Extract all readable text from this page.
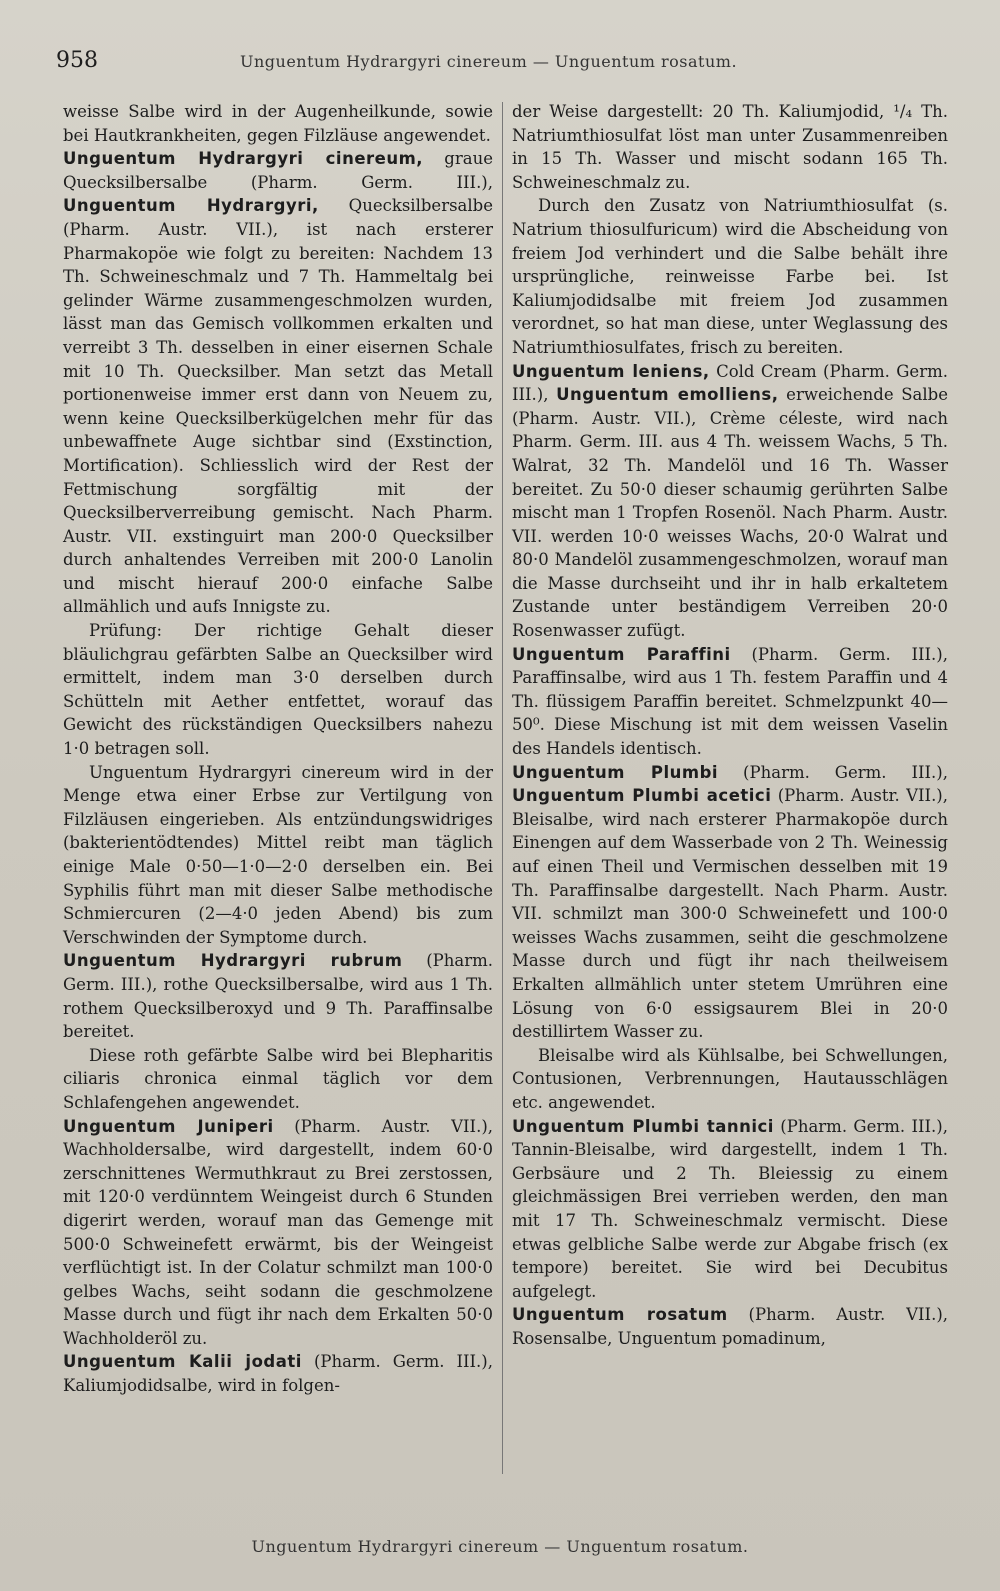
958	Unguentum Hydrargyri cinereum — Unguentum rosatum.

weisse Salbe wird in der Augenheilkunde, sowie bei Hautkrankheiten, gegen Filzläuse angewendet.

Unguentum Hydrargyri cinereum, graue Quecksilbersalbe (Pharm. Germ. III.), Unguentum Hydrargyri, Quecksilbersalbe (Pharm. Austr. VII.), ist nach ersterer Pharmakopöe wie folgt zu bereiten: Nachdem 13 Th. Schweineschmalz und 7 Th. Hammeltalg bei gelinder Wärme zusammengeschmolzen wurden, lässt man das Gemisch vollkommen erkalten und verreibt 3 Th. desselben in einer eisernen Schale mit 10 Th. Quecksilber. Man setzt das Metall portionenweise immer erst dann von Neuem zu, wenn keine Quecksilberkügelchen mehr für das unbewaffnete Auge sichtbar sind (Exstinction, Mortification). Schliesslich wird der Rest der Fettmischung sorgfältig mit der Quecksilberverreibung gemischt. Nach Pharm. Austr. VII. exstinguirt man 200·0 Quecksilber durch anhaltendes Verreiben mit 200·0 Lanolin und mischt hierauf 200·0 einfache Salbe allmählich und aufs Innigste zu.

Prüfung: Der richtige Gehalt dieser bläulichgrau gefärbten Salbe an Quecksilber wird ermittelt, indem man 3·0 derselben durch Schütteln mit Aether entfettet, worauf das Gewicht des rückständigen Quecksilbers nahezu 1·0 betragen soll.

Unguentum Hydrargyri cinereum wird in der Menge etwa einer Erbse zur Vertilgung von Filzläusen eingerieben. Als entzündungswidriges (bakterientödtendes) Mittel reibt man täglich einige Male 0·50—1·0—2·0 derselben ein. Bei Syphilis führt man mit dieser Salbe methodische Schmiercuren (2—4·0 jeden Abend) bis zum Verschwinden der Symptome durch.

Unguentum Hydrargyri rubrum (Pharm. Germ. III.), rothe Quecksilbersalbe, wird aus 1 Th. rothem Quecksilberoxyd und 9 Th. Paraffinsalbe bereitet.

Diese roth gefärbte Salbe wird bei Blepharitis ciliaris chronica einmal täglich vor dem Schlafengehen angewendet.

Unguentum Juniperi (Pharm. Austr. VII.), Wachholdersalbe, wird dargestellt, indem 60·0 zerschnittenes Wermuthkraut zu Brei zerstossen, mit 120·0 verdünntem Weingeist durch 6 Stunden digerirt werden, worauf man das Gemenge mit 500·0 Schweinefett erwärmt, bis der Weingeist verflüchtigt ist. In der Colatur schmilzt man 100·0 gelbes Wachs, seiht sodann die geschmolzene Masse durch und fügt ihr nach dem Erkalten 50·0 Wachholderöl zu.

Unguentum Kalii jodati (Pharm. Germ. III.), Kaliumjodidsalbe, wird in folgen-

der Weise dargestellt: 20 Th. Kaliumjodid, ¹/₄ Th. Natriumthiosulfat löst man unter Zusammenreiben in 15 Th. Wasser und mischt sodann 165 Th. Schweineschmalz zu.

Durch den Zusatz von Natriumthiosulfat (s. Natrium thiosulfuricum) wird die Abscheidung von freiem Jod verhindert und die Salbe behält ihre ursprüngliche, reinweisse Farbe bei. Ist Kaliumjodidsalbe mit freiem Jod zusammen verordnet, so hat man diese, unter Weglassung des Natriumthiosulfates, frisch zu bereiten.

Unguentum leniens, Cold Cream (Pharm. Germ. III.), Unguentum emolliens, erweichende Salbe (Pharm. Austr. VII.), Crème céleste, wird nach Pharm. Germ. III. aus 4 Th. weissem Wachs, 5 Th. Walrat, 32 Th. Mandelöl und 16 Th. Wasser bereitet. Zu 50·0 dieser schaumig gerührten Salbe mischt man 1 Tropfen Rosenöl. Nach Pharm. Austr. VII. werden 10·0 weisses Wachs, 20·0 Walrat und 80·0 Mandelöl zusammengeschmolzen, worauf man die Masse durchseiht und ihr in halb erkaltetem Zustande unter beständigem Verreiben 20·0 Rosenwasser zufügt.

Unguentum Paraffini (Pharm. Germ. III.), Paraffinsalbe, wird aus 1 Th. festem Paraffin und 4 Th. flüssigem Paraffin bereitet. Schmelzpunkt 40—50⁰. Diese Mischung ist mit dem weissen Vaselin des Handels identisch.

Unguentum Plumbi (Pharm. Germ. III.), Unguentum Plumbi acetici (Pharm. Austr. VII.), Bleisalbe, wird nach ersterer Pharmakopöe durch Einengen auf dem Wasserbade von 2 Th. Weinessig auf einen Theil und Vermischen desselben mit 19 Th. Paraffinsalbe dargestellt. Nach Pharm. Austr. VII. schmilzt man 300·0 Schweinefett und 100·0 weisses Wachs zusammen, seiht die geschmolzene Masse durch und fügt ihr nach theilweisem Erkalten allmählich unter stetem Umrühren eine Lösung von 6·0 essigsaurem Blei in 20·0 destillirtem Wasser zu.

Bleisalbe wird als Kühlsalbe, bei Schwellungen, Contusionen, Verbrennungen, Hautausschlägen etc. angewendet.

Unguentum Plumbi tannici (Pharm. Germ. III.), Tannin-Bleisalbe, wird dargestellt, indem 1 Th. Gerbsäure und 2 Th. Bleiessig zu einem gleichmässigen Brei verrieben werden, den man mit 17 Th. Schweineschmalz vermischt. Diese etwas gelbliche Salbe werde zur Abgabe frisch (ex tempore) bereitet. Sie wird bei Decubitus aufgelegt.

Unguentum rosatum (Pharm. Austr. VII.), Rosensalbe, Unguentum pomadinum,

Unguentum Hydrargyri cinereum — Unguentum rosatum.
